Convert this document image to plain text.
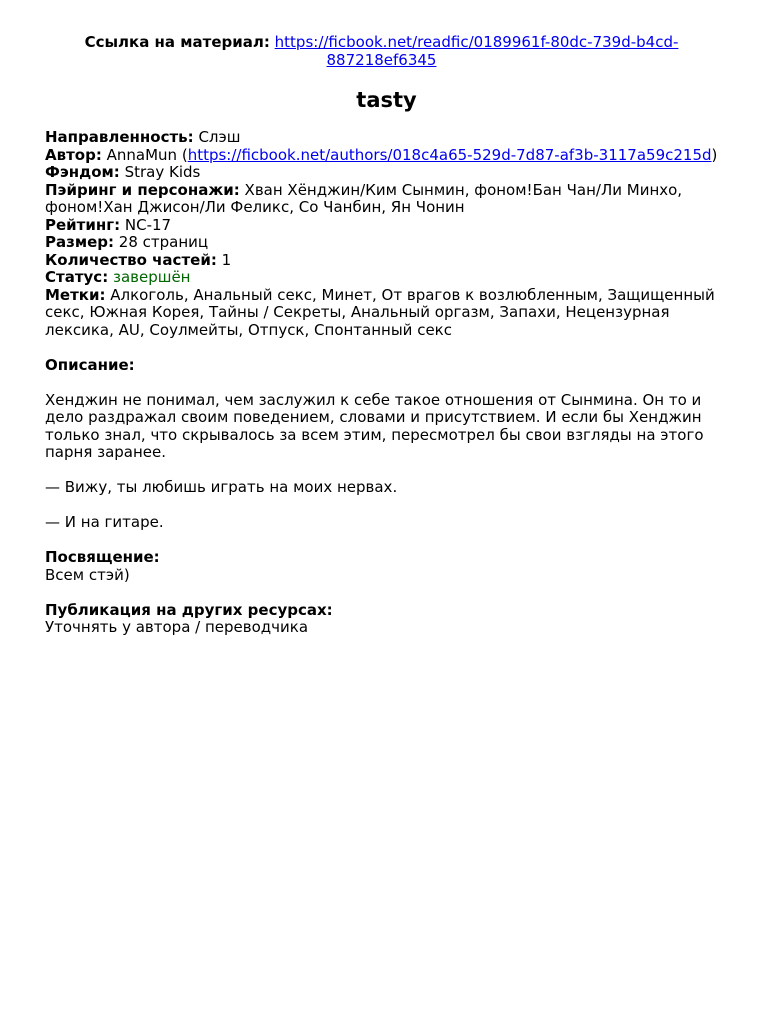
Ссылка на материал: https://ficbook.net/readfic/0189961f-80dc-739d-b4cd-887218ef6345
tasty

Направленность: Слэш

Автор: AnnaMun (https://ficbook.net/authors/018c4a65-529d-7d87-af3b-3117a59c215d)

Фэндом: Stray Kids

Пэйринг и персонажи: Хван Хёнджин/Ким Сынмин, фоном!Бан Чан/Ли Минхо, фоном!Хан Джисон/Ли Феликс, Со Чанбин, Ян Чонин

Рейтинг: NC-17

Размер: 28 страниц

Количество частей: 1

Статус: завершён

Метки: Алкоголь, Анальный секс, Минет, От врагов к возлюбленным, Защищенный секс, Южная Корея, Тайны / Секреты, Анальный оргазм, Запахи, Нецензурная лексика, AU, Соулмейты, Отпуск, Спонтанный секс

Описание:

Хенджин не понимал, чем заслужил к себе такое отношения от Сынмина. Он то и дело раздражал своим поведением, словами и присутствием. И если бы Хенджин только знал, что скрывалось за всем этим, пересмотрел бы свои взгляды на этого парня заранее.

— Вижу, ты любишь играть на моих нервах.

— И на гитаре.

Посвящение:

Всем стэй)

Публикация на других ресурсах:

Уточнять у автора / переводчика
